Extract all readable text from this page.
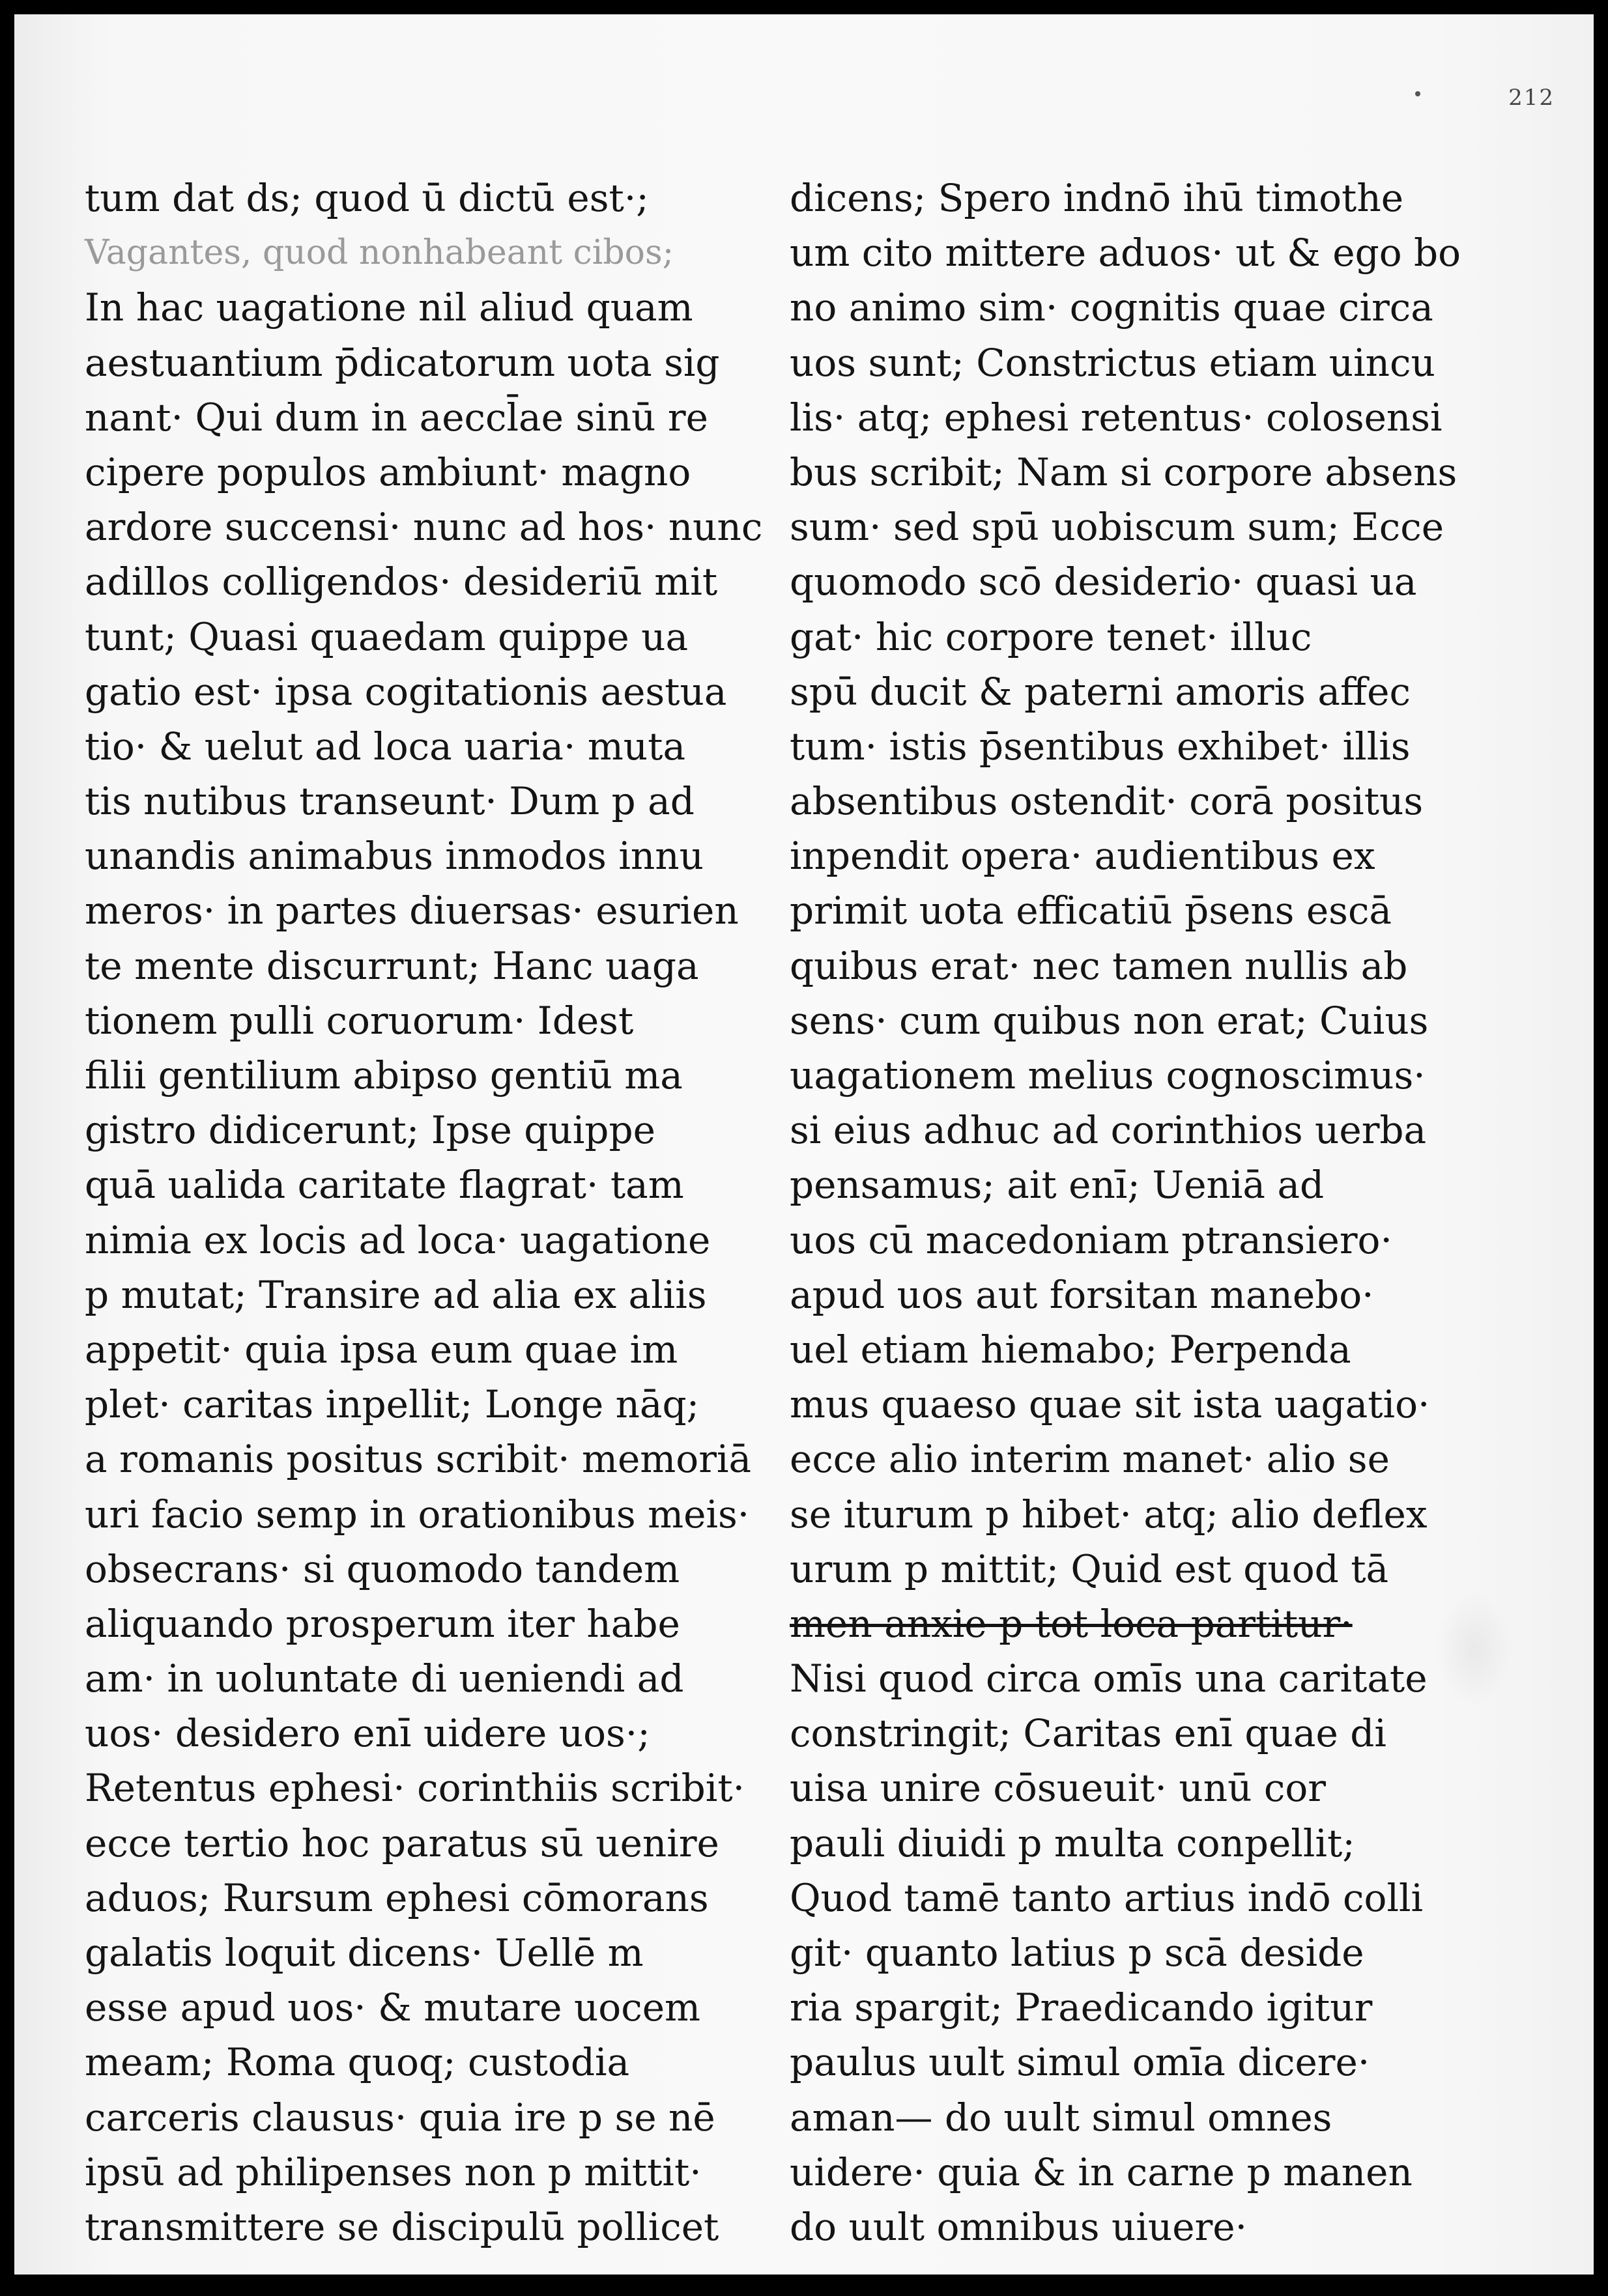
212
tum dat ds; quod ū dictū est·;
Vagantes, quod nonhabeant cibos;
In hac uagatione nil aliud quam
aestuantium p̄dicatorum uota sig
nant· Qui dum in aeccl̄ae sinū re
cipere populos ambiunt· magno
ardore succensi· nunc ad hos· nunc
adillos colligendos· desideriū mit
tunt; Quasi quaedam quippe ua
gatio est· ipsa cogitationis aestua
tio· & uelut ad loca uaria· muta
tis nutibus transeunt· Dum p ad
unandis animabus inmodos innu
meros· in partes diuersas· esurien
te mente discurrunt; Hanc uaga
tionem pulli coruorum· Idest
filii gentilium abipso gentiū ma
gistro didicerunt; Ipse quippe
quā ualida caritate flagrat· tam
nimia ex locis ad loca· uagatione
p mutat; Transire ad alia ex aliis
appetit· quia ipsa eum quae im
plet· caritas inpellit; Longe nāq;
a romanis positus scribit· memoriā
uri facio semp in orationibus meis·
obsecrans· si quomodo tandem
aliquando prosperum iter habe
am· in uoluntate di ueniendi ad
uos· desidero enī uidere uos·;
Retentus ephesi· corinthiis scribit·
ecce tertio hoc paratus sū uenire
aduos; Rursum ephesi cōmorans
galatis loquit dicens· Uellē m
esse apud uos· & mutare uocem
meam; Roma quoq; custodia
carceris clausus· quia ire p se nē
ipsū ad philipenses non p mittit·
transmittere se discipulū pollicet
dicens; Spero indnō ihū timothe
um cito mittere aduos· ut & ego bo
no animo sim· cognitis quae circa
uos sunt; Constrictus etiam uincu
lis· atq; ephesi retentus· colosensi
bus scribit; Nam si corpore absens
sum· sed spū uobiscum sum; Ecce
quomodo scō desiderio· quasi ua
gat· hic corpore tenet· illuc
spū ducit & paterni amoris affec
tum· istis p̄sentibus exhibet· illis
absentibus ostendit· corā positus
inpendit opera· audientibus ex
primit uota efficatiū p̄sens escā
quibus erat· nec tamen nullis ab
sens· cum quibus non erat; Cuius
uagationem melius cognoscimus·
si eius adhuc ad corinthios uerba
pensamus; ait enī; Ueniā ad
uos cū macedoniam ptransiero·
apud uos aut forsitan manebo·
uel etiam hiemabo; Perpenda
mus quaeso quae sit ista uagatio·
ecce alio interim manet· alio se
se iturum p hibet· atq; alio deflex
urum p mittit; Quid est quod tā
men anxie p tot loca partitur·
Nisi quod circa omīs una caritate
constringit; Caritas enī quae di
uisa unire cōsueuit· unū cor
pauli diuidi p multa conpellit;
Quod tamē tanto artius indō colli
git· quanto latius p scā deside
ria spargit; Praedicando igitur
paulus uult simul omīa dicere·
aman— do uult simul omnes
uidere· quia & in carne p manen
do uult omnibus uiuere·
